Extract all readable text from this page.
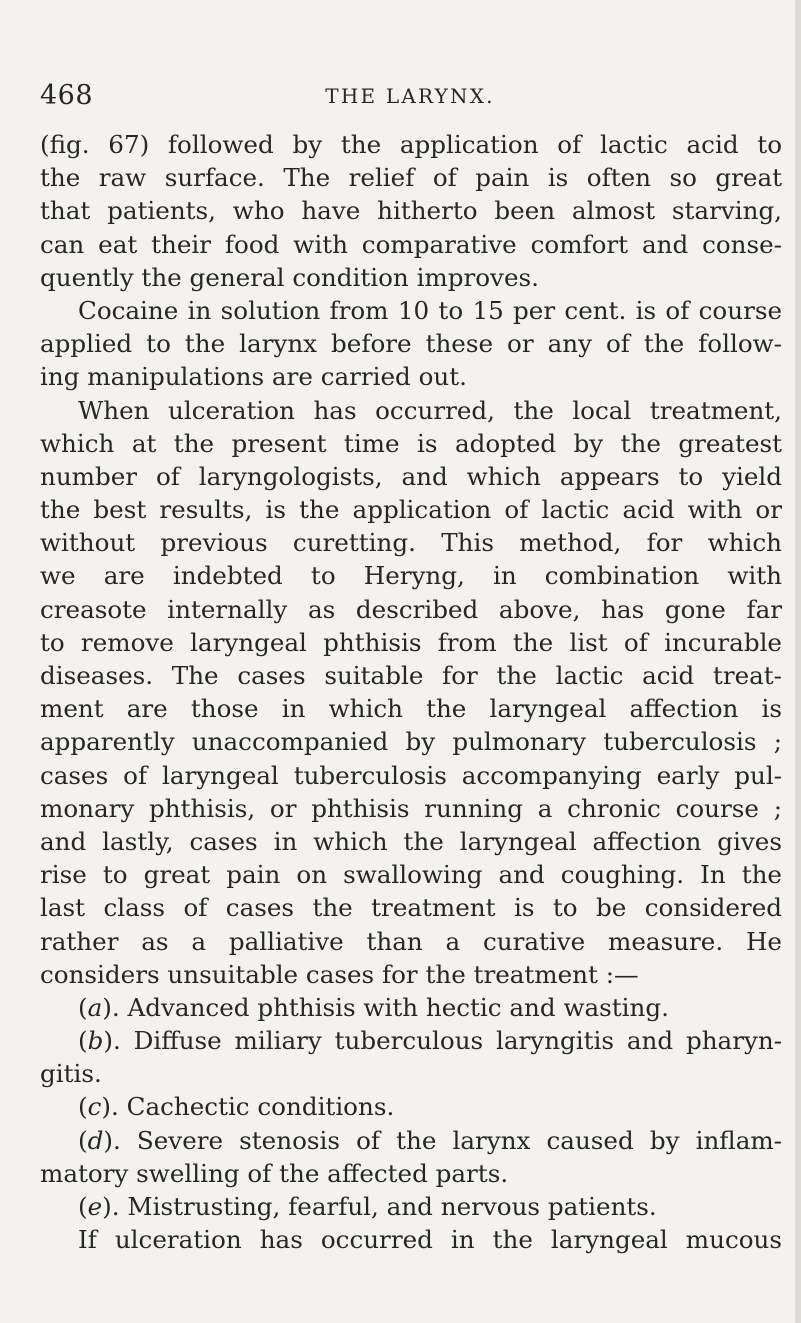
468	THE LARYNX.
(fig. 67) followed by the application of lactic acid to
the raw surface. The relief of pain is often so great
that patients, who have hitherto been almost starving,
can eat their food with comparative comfort and conse-
quently the general condition improves.
Cocaine in solution from 10 to 15 per cent. is of course
applied to the larynx before these or any of the follow-
ing manipulations are carried out.
When ulceration has occurred, the local treatment,
which at the present time is adopted by the greatest
number of laryngologists, and which appears to yield
the best results, is the application of lactic acid with or
without previous curetting. This method, for which
we are indebted to Heryng, in combination with
creasote internally as described above, has gone far
to remove laryngeal phthisis from the list of incurable
diseases. The cases suitable for the lactic acid treat-
ment are those in which the laryngeal affection is
apparently unaccompanied by pulmonary tuberculosis ;
cases of laryngeal tuberculosis accompanying early pul-
monary phthisis, or phthisis running a chronic course ;
and lastly, cases in which the laryngeal affection gives
rise to great pain on swallowing and coughing. In the
last class of cases the treatment is to be considered
rather as a palliative than a curative measure. He
considers unsuitable cases for the treatment :—
(a). Advanced phthisis with hectic and wasting.
(b). Diffuse miliary tuberculous laryngitis and pharyn-
gitis.
(c). Cachectic conditions.
(d). Severe stenosis of the larynx caused by inflam-
matory swelling of the affected parts.
(e). Mistrusting, fearful, and nervous patients.
If ulceration has occurred in the laryngeal mucous
